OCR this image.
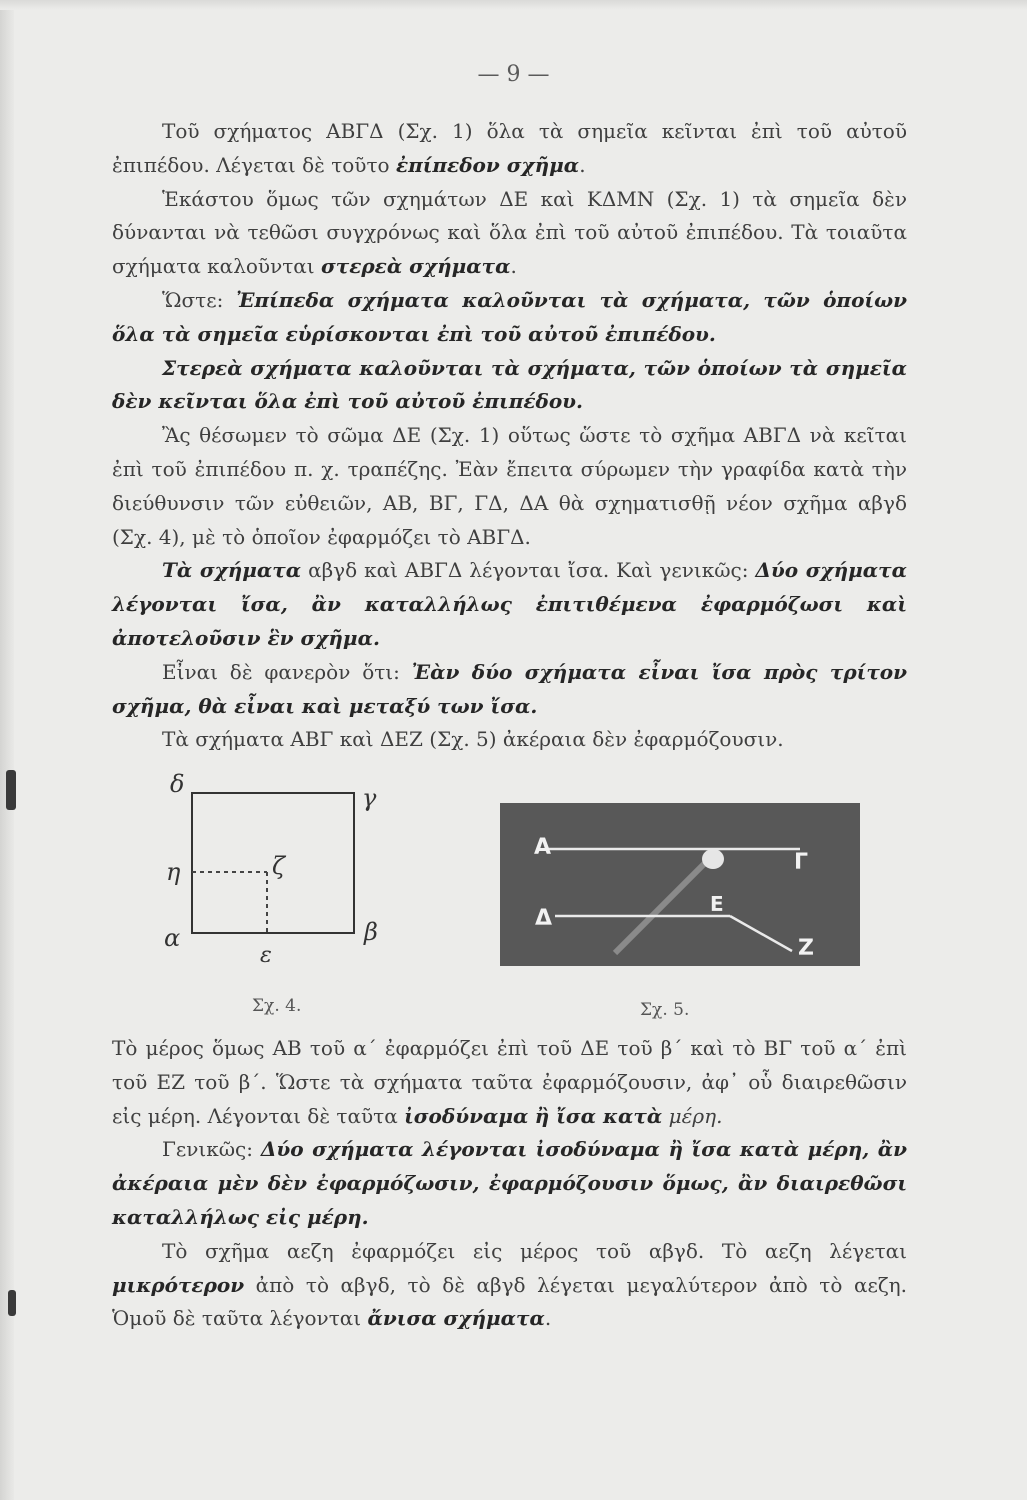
— 9 —

Τοῦ σχήματος ΑΒΓΔ (Σχ. 1) ὅλα τὰ σημεῖα κεῖνται ἐπὶ τοῦ αὐτοῦ ἐπιπέδου. Λέγεται δὲ τοῦτο ἐπίπεδον σχῆμα.

Ἑκάστου ὅμως τῶν σχημάτων ΔΕ καὶ ΚΔΜΝ (Σχ. 1) τὰ σημεῖα δὲν δύνανται νὰ τεθῶσι συγχρόνως καὶ ὅλα ἐπὶ τοῦ αὐτοῦ ἐπιπέδου. Τὰ τοιαῦτα σχήματα καλοῦνται στερεὰ σχήματα.

Ὥστε: Ἐπίπεδα σχήματα καλοῦνται τὰ σχήματα, τῶν ὁποίων ὅλα τὰ σημεῖα εὑρίσκονται ἐπὶ τοῦ αὐτοῦ ἐπιπέδου.

Στερεὰ σχήματα καλοῦνται τὰ σχήματα, τῶν ὁποίων τὰ σημεῖα δὲν κεῖνται ὅλα ἐπὶ τοῦ αὐτοῦ ἐπιπέδου.

Ἂς θέσωμεν τὸ σῶμα ΔΕ (Σχ. 1) οὕτως ὥστε τὸ σχῆμα ΑΒΓΔ νὰ κεῖται ἐπὶ τοῦ ἐπιπέδου π. χ. τραπέζης. Ἐὰν ἔπειτα σύρωμεν τὴν γραφίδα κατὰ τὴν διεύθυνσιν τῶν εὐθειῶν, ΑΒ, ΒΓ, ΓΔ, ΔΑ θὰ σχηματισθῇ νέον σχῆμα αβγδ (Σχ. 4), μὲ τὸ ὁποῖον ἐφαρμόζει τὸ ΑΒΓΔ.

Τὰ σχήματα αβγδ καὶ ΑΒΓΔ λέγονται ἴσα. Καὶ γενικῶς: Δύο σχήματα λέγονται ἴσα, ἂν καταλλήλως ἐπιτιθέμενα ἐφαρμόζωσι καὶ ἀποτελοῦσιν ἓν σχῆμα.

Εἶναι δὲ φανερὸν ὅτι: Ἐὰν δύο σχήματα εἶναι ἴσα πρὸς τρίτον σχῆμα, θὰ εἶναι καὶ μεταξύ των ἴσα.

Τὰ σχήματα ΑΒΓ καὶ ΔΕΖ (Σχ. 5) ἀκέραια δὲν ἐφαρμόζουσιν.

δ	γ
η	ζ
α
ε
β
Α
Γ
Δ
Ε
Ζ
Σχ. 4.	Σχ. 5.

Τὸ μέρος ὅμως ΑΒ τοῦ α΄ ἐφαρμόζει ἐπὶ τοῦ ΔΕ τοῦ β΄ καὶ τὸ ΒΓ τοῦ α΄ ἐπὶ τοῦ ΕΖ τοῦ β΄. Ὥστε τὰ σχήματα ταῦτα ἐφαρμόζουσιν, ἀφ᾽ οὗ διαιρεθῶσιν εἰς μέρη. Λέγονται δὲ ταῦτα ἰσοδύναμα ἢ ἴσα κατὰ μέρη.

Γενικῶς: Δύο σχήματα λέγονται ἰσοδύναμα ἢ ἴσα κατὰ μέρη, ἂν ἀκέραια μὲν δὲν ἐφαρμόζωσιν, ἐφαρμόζουσιν ὅμως, ἂν διαιρεθῶσι καταλλήλως εἰς μέρη.

Τὸ σχῆμα αεζη ἐφαρμόζει εἰς μέρος τοῦ αβγδ. Τὸ αεζη λέγεται μικρότερον ἀπὸ τὸ αβγδ, τὸ δὲ αβγδ λέγεται μεγαλύτερον ἀπὸ τὸ αεζη. Ὁμοῦ δὲ ταῦτα λέγονται ἄνισα σχήματα.
